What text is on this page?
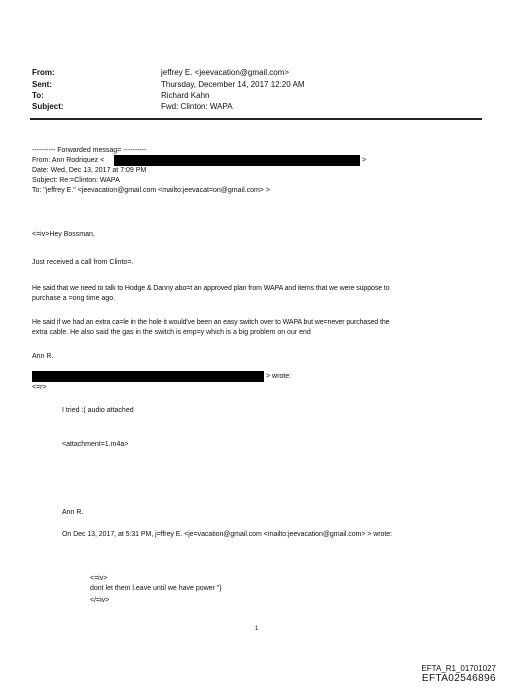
From:	jeffrey E. <jeevacation@gmail.com>
Sent:	Thursday, December 14, 2017 12:20 AM
To:	Richard Kahn
Subject:	Fwd: Clinton: WAPA
---------- Forwarded messag= ----------
From: Ann Rodriquez <	>
Date: Wed, Dec 13, 2017 at 7:09 PM
Subject: Re:=Clinton: WAPA
To: "jeffrey E." <jeevacation@gmail.com <mailto:jeevacat=on@gmail.com> >
<=iv>Hey Bossman,
Just received a call from Clinto=.
He said that we need to talk to Hodge & Danny abo=t an approved plan from WAPA and items that we were suppose to
purchase a =ong time ago.
He said if we had an extra ca=le in the hole it would've been an easy switch over to WAPA but we=never purchased the
extra cable. He also said the gas in the switch is emp=y which is a big problem on our end
Ann R.
> wrote:
<=r>
I tried :( audio attached
<attachment=1.m4a>
Ann R.
On Dec 13, 2017, at 5:31 PM, j=ffrey E. <je=vacation@gmail.com <mailto:jeevacation@gmail.com> > wrote:
<=iv>
dont let them l.eave until we have power "}
</=iv>
1
EFTA_R1_01701027
EFTA02546896
